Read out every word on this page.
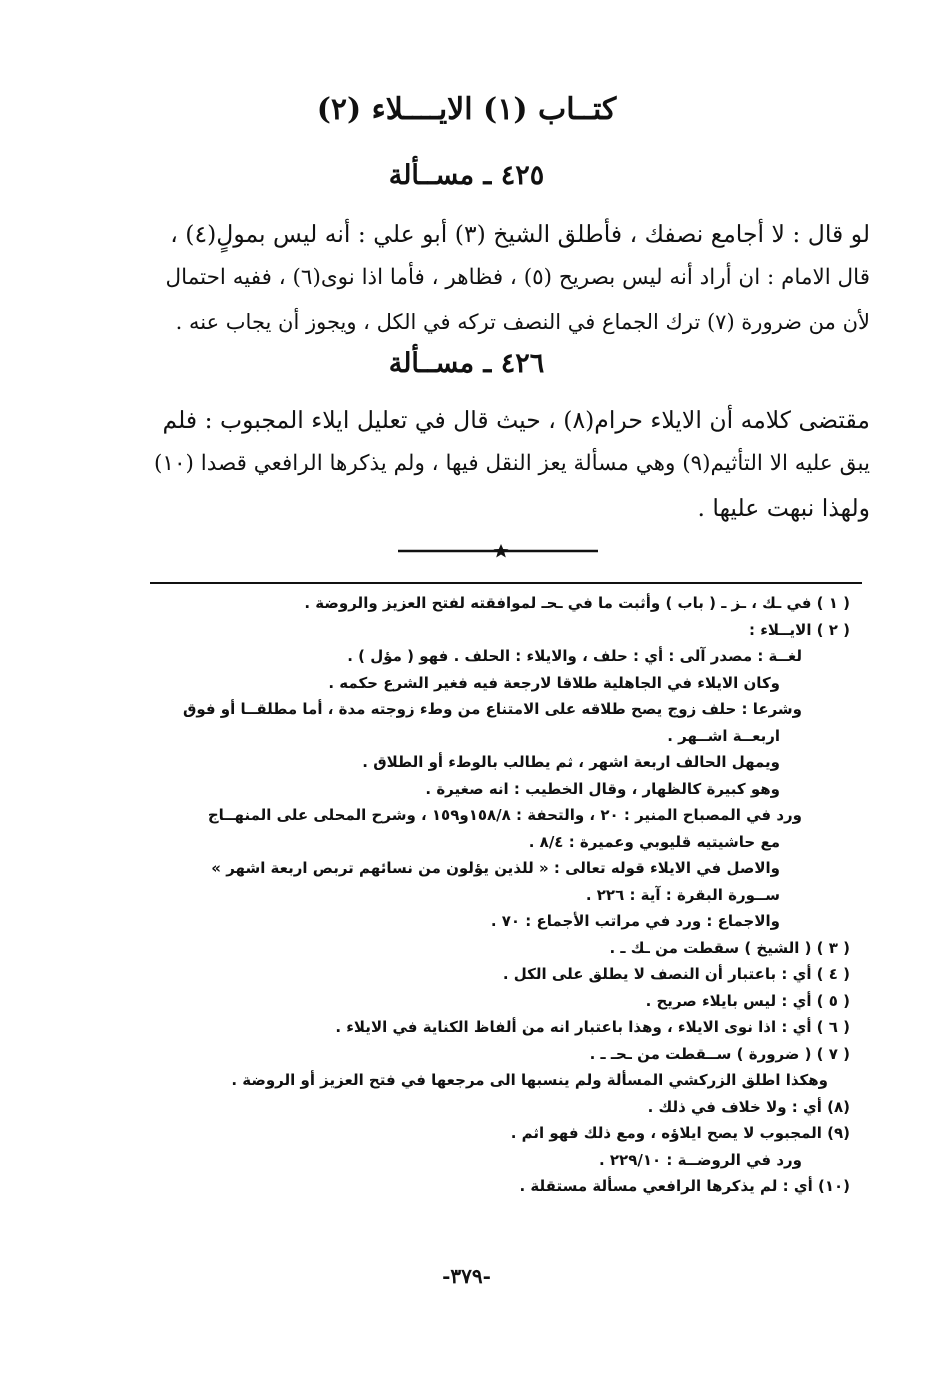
كتــاب (١) الايــــلاء (٢)
٤٢٥ ـ مســألة
لو قال : لا أجامع نصفك ، فأطلق الشيخ (٣) أبو علي : أنه ليس بمولٍ(٤) ،
قال الامام : ان أراد أنه ليس بصريح (٥) ، فظاهر ، فأما اذا نوى(٦) ، ففيه احتمال
لأن من ضرورة (٧) ترك الجماع في النصف تركه في الكل ، ويجوز أن يجاب عنه .
٤٢٦ ـ مســألة
مقتضى كلامه أن الايلاء حرام(٨) ، حيث قال في تعليل ايلاء المجبوب : فلم
يبق عليه الا التأثيم(٩) وهي مسألة يعز النقل فيها ، ولم يذكرها الرافعي قصدا (١٠)
ولهذا نبهت عليها .
( ١ ) في ـك ، ـز ـ ( باب ) وأثبت ما في ـحـ لموافقته لفتح العزيز والروضة .
( ٢ ) الايــلاء :
لغــة : مصدر آلى : أي : حلف ، والايلاء : الحلف . فهو ( مؤل ) .
وكان الايلاء في الجاهلية طلاقا لارجعة فيه فغير الشرع حكمه .
وشرعا : حلف زوج يصح طلاقه على الامتناع من وطء زوجته مدة ، أما مطلقــا أو فوق
اربعــة اشــهر .
ويمهل الحالف اربعة اشهر ، ثم يطالب بالوطء أو الطلاق .
وهو كبيرة كالظهار ، وقال الخطيب : انه صغيرة .
ورد في المصباح المنير : ٢٠ ، والتحفة : ١٥٨/٨و١٥٩ ، وشرح المحلى على المنهــاج
مع حاشيتيه قليوبي وعميرة : ٨/٤ .
والاصل في الايلاء قوله تعالى : « للذين يؤلون من نسائهم تربص اربعة اشهر »
ســورة البقرة : آية : ٢٢٦ .
والاجماع : ورد في مراتب الأجماع : ٧٠ .
( ٣ ) ( الشيخ ) سقطت من ـك ـ .
( ٤ ) أي : باعتبار أن النصف لا يطلق على الكل .
( ٥ ) أي : ليس بايلاء صريح .
( ٦ ) أي : اذا نوى الايلاء ، وهذا باعتبار انه من ألفاظ الكناية في الايلاء .
( ٧ ) ( ضرورة ) ســقطت من ـحـ ـ .
وهكذا اطلق الزركشي المسألة ولم ينسبها الى مرجعها في فتح العزيز أو الروضة .
(٨) أي : ولا خلاف في ذلك .
(٩) المجبوب لا يصح ايلاؤه ، ومع ذلك فهو اثم .
ورد في الروضــة : ٢٢٩/١٠ .
(١٠) أي : لم يذكرها الرافعي مسألة مستقلة .
-٣٧٩-
